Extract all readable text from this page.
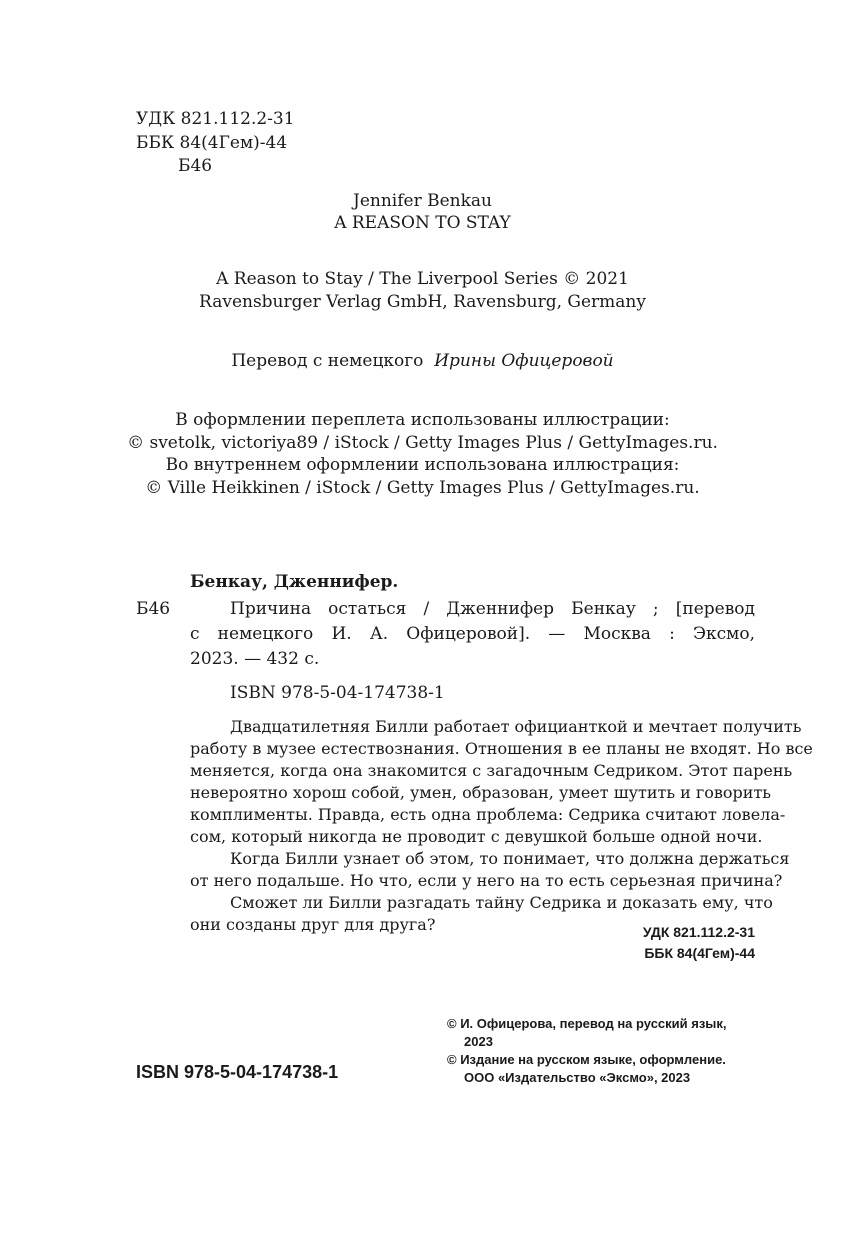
УДК 821.112.2-31
ББК 84(4Гем)-44
Б46
Jennifer Benkau
A REASON TO STAY
A Reason to Stay / The Liverpool Series © 2021
Ravensburger Verlag GmbH, Ravensburg, Germany
Перевод с немецкого Ирины Офицеровой
В оформлении переплета использованы иллюстрации:
© svetolk, victoriya89 / iStock / Getty Images Plus / GettyImages.ru.
Во внутреннем оформлении использована иллюстрация:
© Ville Heikkinen / iStock / Getty Images Plus / GettyImages.ru.
Бенкау, Дженнифер.
Б46	Причина остаться / Дженнифер Бенкау ; [перевод
с немецкого И. А. Офицеровой]. — Москва : Эксмо,
2023. — 432 с.
ISBN 978-5-04-174738-1
Двадцатилетняя Билли работает официанткой и мечтает получить
работу в музее естествознания. Отношения в ее планы не входят. Но все
меняется, когда она знакомится с загадочным Седриком. Этот парень
невероятно хорош собой, умен, образован, умеет шутить и говорить
комплименты. Правда, есть одна проблема: Седрика считают ловела-
сом, который никогда не проводит с девушкой больше одной ночи.
Когда Билли узнает об этом, то понимает, что должна держаться
от него подальше. Но что, если у него на то есть серьезная причина?
Сможет ли Билли разгадать тайну Седрика и доказать ему, что
они созданы друг для друга?	УДК 821.112.2-31
ББК 84(4Гем)-44
ISBN 978-5-04-174738-1
© И. Офицерова, перевод на русский язык,
2023
© Издание на русском языке, оформление.
ООО «Издательство «Эксмо», 2023
